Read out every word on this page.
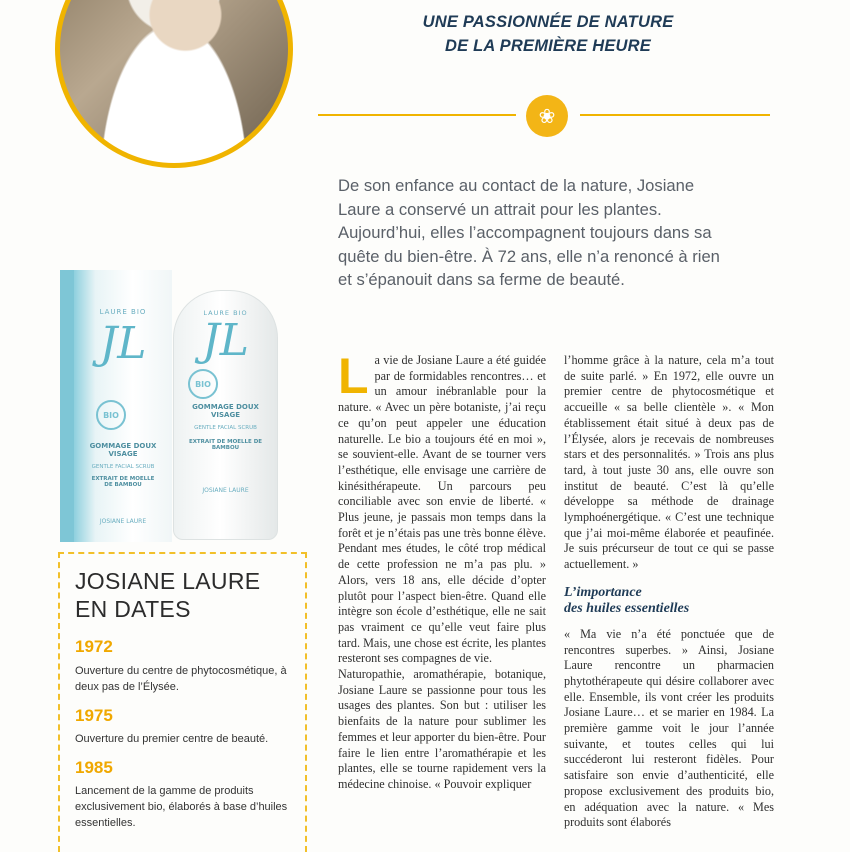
UNE PASSIONNÉE DE NATURE
DE LA PREMIÈRE HEURE
❀
De son enfance au contact de la nature, Josiane Laure a conservé un attrait pour les plantes. Aujourd’hui, elles l’accompagnent toujours dans sa quête du bien-être. À 72 ans, elle n’a renoncé à rien et s’épanouit dans sa ferme de beauté.
LAURE BIO
JL
BIO
GOMMAGE DOUX VISAGE
GENTLE FACIAL SCRUB
EXTRAIT DE MOELLE DE BAMBOU
JOSIANE LAURE
LAURE BIO
JL
BIO
GOMMAGE DOUX VISAGE
GENTLE FACIAL SCRUB
EXTRAIT DE MOELLE DE BAMBOU
JOSIANE LAURE
JOSIANE LAURE EN DATES
1972
Ouverture du centre de phytocosmétique, à deux pas de l’Élysée.
1975
Ouverture du premier centre de beauté.
1985
Lancement de la gamme de produits exclusivement bio, élaborés à base d’huiles essentielles.
L a vie de Josiane Laure a été guidée par de formidables rencontres… et un amour inébranlable pour la nature. « Avec un père botaniste, j’ai reçu ce qu’on peut appeler une éducation naturelle. Le bio a toujours été en moi », se souvient-elle. Avant de se tourner vers l’esthétique, elle envisage une carrière de kinésithérapeute. Un parcours peu conciliable avec son envie de liberté. « Plus jeune, je passais mon temps dans la forêt et je n’étais pas une très bonne élève. Pendant mes études, le côté trop médical de cette profession ne m’a pas plu. » Alors, vers 18 ans, elle décide d’opter plutôt pour l’aspect bien-être. Quand elle intègre son école d’esthétique, elle ne sait pas vraiment ce qu’elle veut faire plus tard. Mais, une chose est écrite, les plantes resteront ses compagnes de vie.

Naturopathie, aromathérapie, botanique, Josiane Laure se passionne pour tous les usages des plantes. Son but : utiliser les bienfaits de la nature pour sublimer les femmes et leur apporter du bien-être. Pour faire le lien entre l’aromathérapie et les plantes, elle se tourne rapidement vers la médecine chinoise. « Pouvoir expliquer

l’homme grâce à la nature, cela m’a tout de suite parlé. » En 1972, elle ouvre un premier centre de phytocosmétique et accueille « sa belle clientèle ». « Mon établissement était situé à deux pas de l’Élysée, alors je recevais de nombreuses stars et des personnalités. » Trois ans plus tard, à tout juste 30 ans, elle ouvre son institut de beauté. C’est là qu’elle développe sa méthode de drainage lymphoénergétique. « C’est une technique que j’ai moi-même élaborée et peaufinée. Je suis précurseur de tout ce qui se passe actuellement. »

L’importance
des huiles essentielles

« Ma vie n’a été ponctuée que de rencontres superbes. » Ainsi, Josiane Laure rencontre un pharmacien phytothérapeute qui désire collaborer avec elle. Ensemble, ils vont créer les produits Josiane Laure… et se marier en 1984. La première gamme voit le jour l’année suivante, et toutes celles qui lui succéderont lui resteront fidèles. Pour satisfaire son envie d’authenticité, elle propose exclusivement des produits bio, en adéquation avec la nature. « Mes produits sont élaborés
